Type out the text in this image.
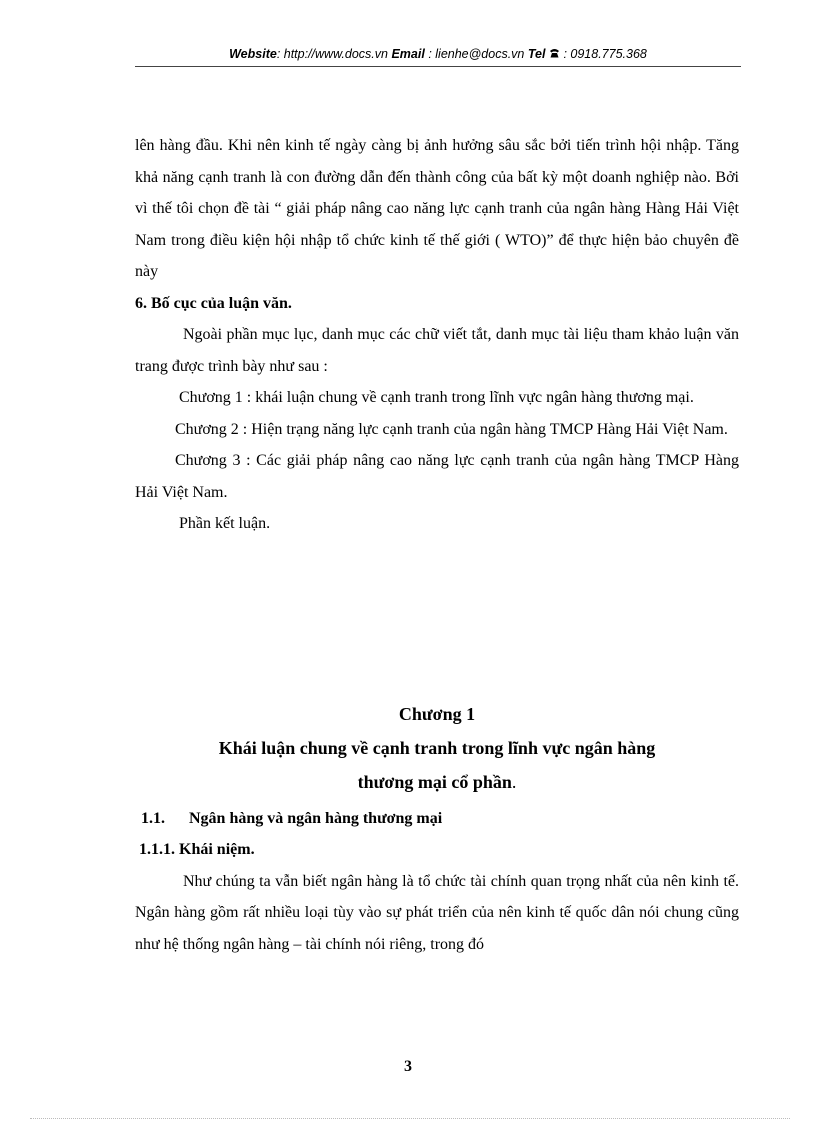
Website: http://www.docs.vn Email : lienhe@docs.vn Tel : 0918.775.368

lên hàng đầu. Khi nên kinh tế ngày càng bị ảnh hưởng sâu sắc bởi tiến trình hội nhập. Tăng khả năng cạnh tranh là con đường dẫn đến thành công của bất kỳ một doanh nghiệp nào. Bởi vì thế tôi chọn đề tài “ giải pháp nâng cao năng lực cạnh tranh của ngân hàng Hàng Hải Việt Nam trong điều kiện hội nhập tổ chức kinh tế thế giới ( WTO)” để thực hiện bảo chuyên đề này

6. Bố cục của luận văn.

Ngoài phần mục lục, danh mục các chữ viết tắt, danh mục tài liệu tham khảo luận văn trang được trình bày như sau :

Chương 1 : khái luận chung về cạnh tranh trong lĩnh vực ngân hàng thương mại.

Chương 2 : Hiện trạng năng lực cạnh tranh của ngân hàng TMCP Hàng Hải Việt Nam.

Chương 3 : Các giải pháp nâng cao năng lực cạnh tranh của ngân hàng TMCP Hàng Hải Việt Nam.

Phần kết luận.

Chương 1

Khái luận chung về cạnh tranh trong lĩnh vực ngân hàng

thương mại cổ phần.

1.1. Ngân hàng và ngân hàng thương mại

1.1.1. Khái niệm.

Như chúng ta vẫn biết ngân hàng là tổ chức tài chính quan trọng nhất của nên kinh tế. Ngân hàng gồm rất nhiều loại tùy vào sự phát triển của nên kinh tế quốc dân nói chung cũng như hệ thống ngân hàng – tài chính nói riêng, trong đó

3
